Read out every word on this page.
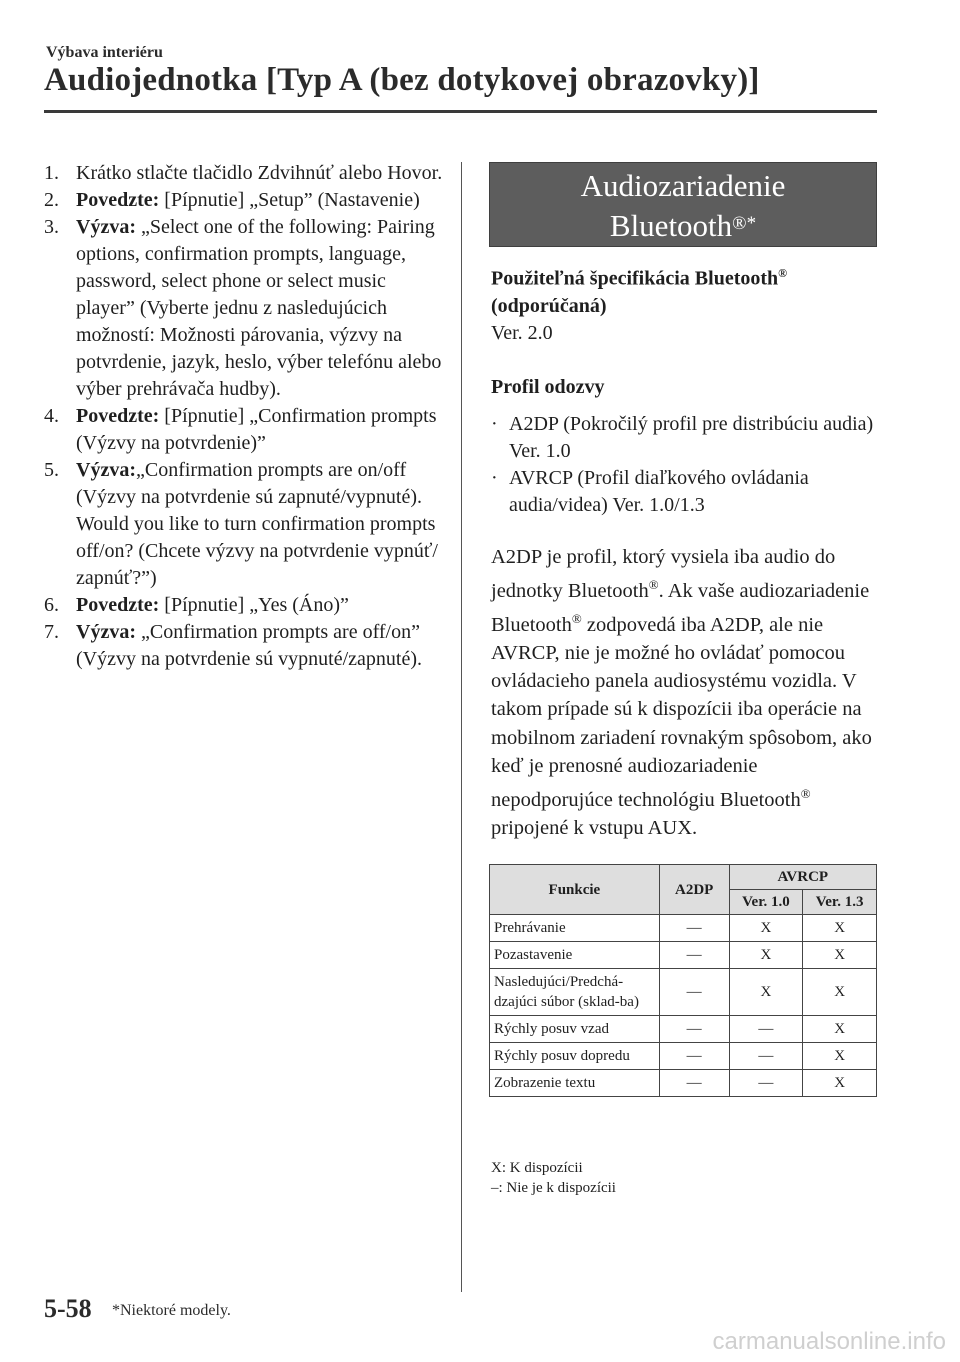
Výbava interiéru
Audiojednotka [Typ A (bez dotykovej obrazovky)]
1. Krátko stlačte tlačidlo Zdvihnúť alebo Hovor.
2. Povedzte: [Pípnutie] „Setup” (Nastavenie)
3. Výzva: „Select one of the following: Pairing options, confirmation prompts, language, password, select phone or select music player” (Vyberte jednu z nasledujúcich možností: Možnosti párovania, výzvy na potvrdenie, jazyk, heslo, výber telefónu alebo výber prehrávača hudby).
4. Povedzte: [Pípnutie] „Confirmation prompts (Výzvy na potvrdenie)”
5. Výzva:„Confirmation prompts are on/off (Výzvy na potvrdenie sú zapnuté/vypnuté). Would you like to turn confirmation prompts off/on? (Chcete výzvy na potvrdenie vypnúť/ zapnúť?”)
6. Povedzte: [Pípnutie] „Yes (Áno)”
7. Výzva: „Confirmation prompts are off/on” (Výzvy na potvrdenie sú vypnuté/zapnuté).
Audiozariadenie
Bluetooth®*
Použiteľná špecifikácia Bluetooth®
(odporúčaná)
Ver. 2.0
Profil odozvy
· A2DP (Pokročilý profil pre distribúciu audia) Ver. 1.0
· AVRCP (Profil diaľkového ovládania audia/videa) Ver. 1.0/1.3
A2DP je profil, ktorý vysiela iba audio do jednotky Bluetooth®. Ak vaše audiozariadenie Bluetooth® zodpovedá iba A2DP, ale nie AVRCP, nie je možné ho ovládať pomocou ovládacieho panela audiosystému vozidla. V takom prípade sú k dispozícii iba operácie na mobilnom zariadení rovnakým spôsobom, ako keď je prenosné audiozariadenie nepodporujúce technológiu Bluetooth® pripojené k vstupu AUX.
Funkcie	A2DP	AVRCP	
		Ver. 1.0	Ver. 1.3
Prehrávanie	—	X	X
Pozastavenie	—	X	X
Nasledujúci/Predchá-dzajúci súbor (sklad-ba)	—	X	X
Rýchly posuv vzad	—	—	X
Rýchly posuv dopredu	—	—	X
Zobrazenie textu	—	—	X
X: K dispozícii
–: Nie je k dispozícii
5-58 *Niektoré modely.
carmanualsonline.info
